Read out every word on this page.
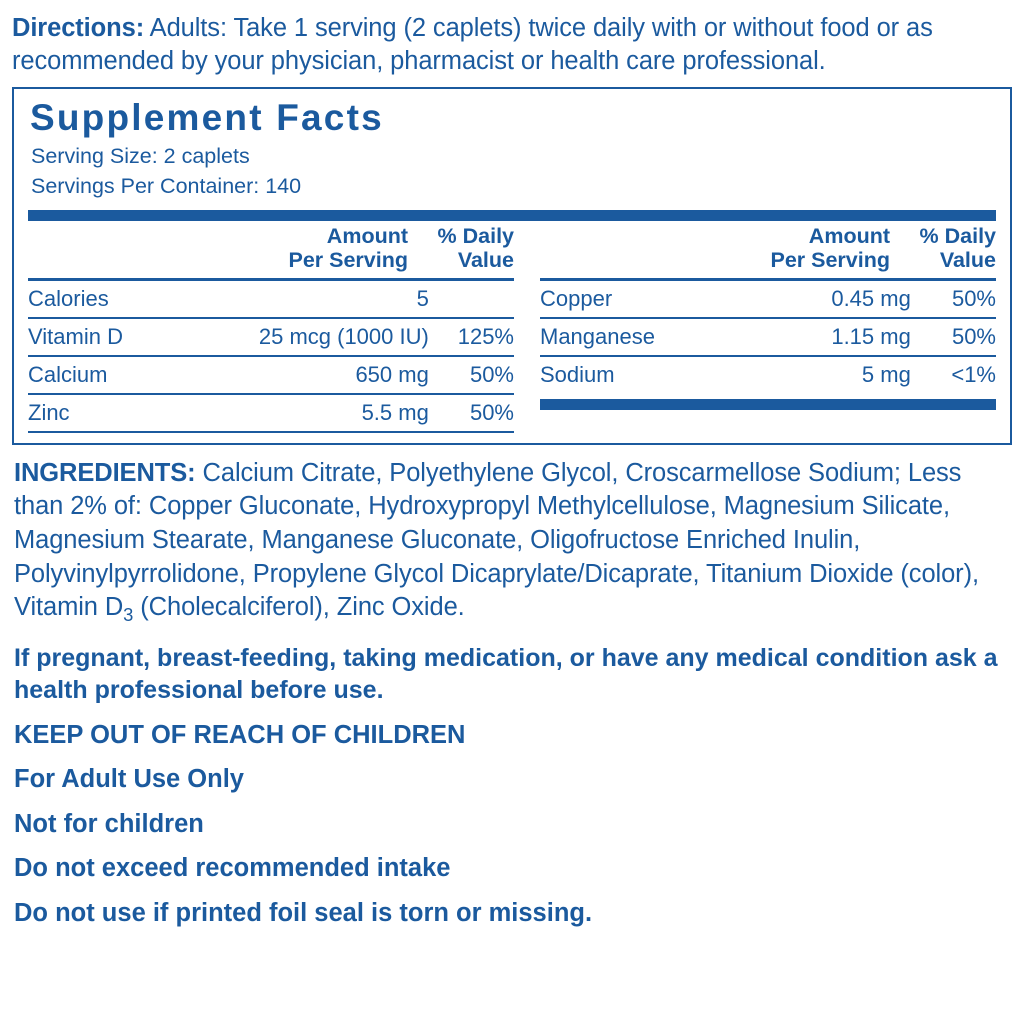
Directions: Adults: Take 1 serving (2 caplets) twice daily with or without food or as recommended by your physician, pharmacist or health care professional.

Supplement Facts
Serving Size: 2 caplets
Servings Per Container: 140
	Amount
Per Serving	% Daily
Value
Calories	5	
Vitamin D	25 mcg (1000 IU)	125%
Calcium	650 mg	50%
Zinc	5.5 mg	50%
	Amount
Per Serving	% Daily
Value
Copper	0.45 mg	50%
Manganese	1.15 mg	50%
Sodium	5 mg	<1%

INGREDIENTS: Calcium Citrate, Polyethylene Glycol, Croscarmellose Sodium; Less than 2% of: Copper Gluconate, Hydroxypropyl Methylcellulose, Magnesium Silicate, Magnesium Stearate, Manganese Gluconate, Oligofructose Enriched Inulin, Polyvinylpyrrolidone, Propylene Glycol Dicaprylate/Dicaprate, Titanium Dioxide (color), Vitamin $D_3$ (Cholecalciferol), Zinc Oxide.

If pregnant, breast-feeding, taking medication, or have any medical condition ask a health professional before use.

KEEP OUT OF REACH OF CHILDREN

For Adult Use Only

Not for children

Do not exceed recommended intake

Do not use if printed foil seal is torn or missing.
